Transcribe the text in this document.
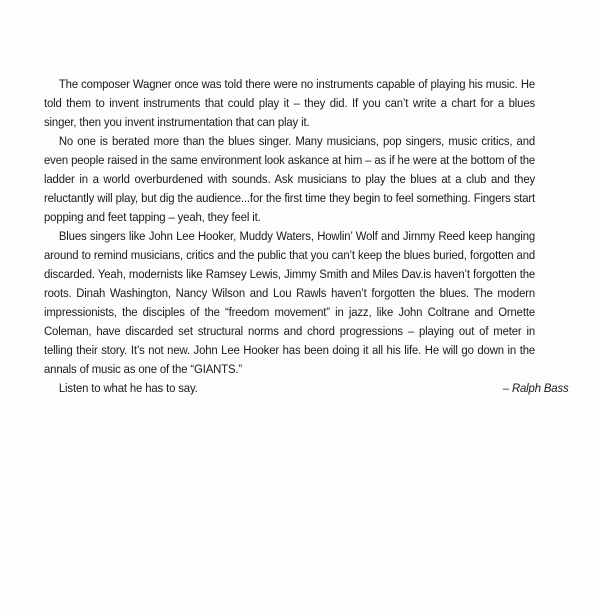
The composer Wagner once was told there were no instruments capable of playing his music. He told them to invent instruments that could play it – they did. If you can’t write a chart for a blues singer, then you invent instrumentation that can play it.

No one is berated more than the blues singer. Many musicians, pop singers, music critics, and even people raised in the same environment look askance at him – as if he were at the bottom of the ladder in a world overburdened with sounds. Ask musicians to play the blues at a club and they reluctantly will play, but dig the audience...for the first time they begin to feel something. Fingers start popping and feet tapping – yeah, they feel it.

Blues singers like John Lee Hooker, Muddy Waters, Howlin’ Wolf and Jimmy Reed keep hanging around to remind musicians, critics and the public that you can’t keep the blues buried, forgotten and discarded. Yeah, modernists like Ramsey Lewis, Jimmy Smith and Miles Dav.is haven’t forgotten the roots. Dinah Washington, Nancy Wilson and Lou Rawls haven’t forgotten the blues. The modern impressionists, the disciples of the “freedom movement” in jazz, like John Coltrane and Ornette Coleman, have discarded set structural norms and chord progressions – playing out of meter in telling their story. It’s not new. John Lee Hooker has been doing it all his life. He will go down in the annals of music as one of the “GIANTS.”

Listen to what he has to say.	– Ralph Bass
